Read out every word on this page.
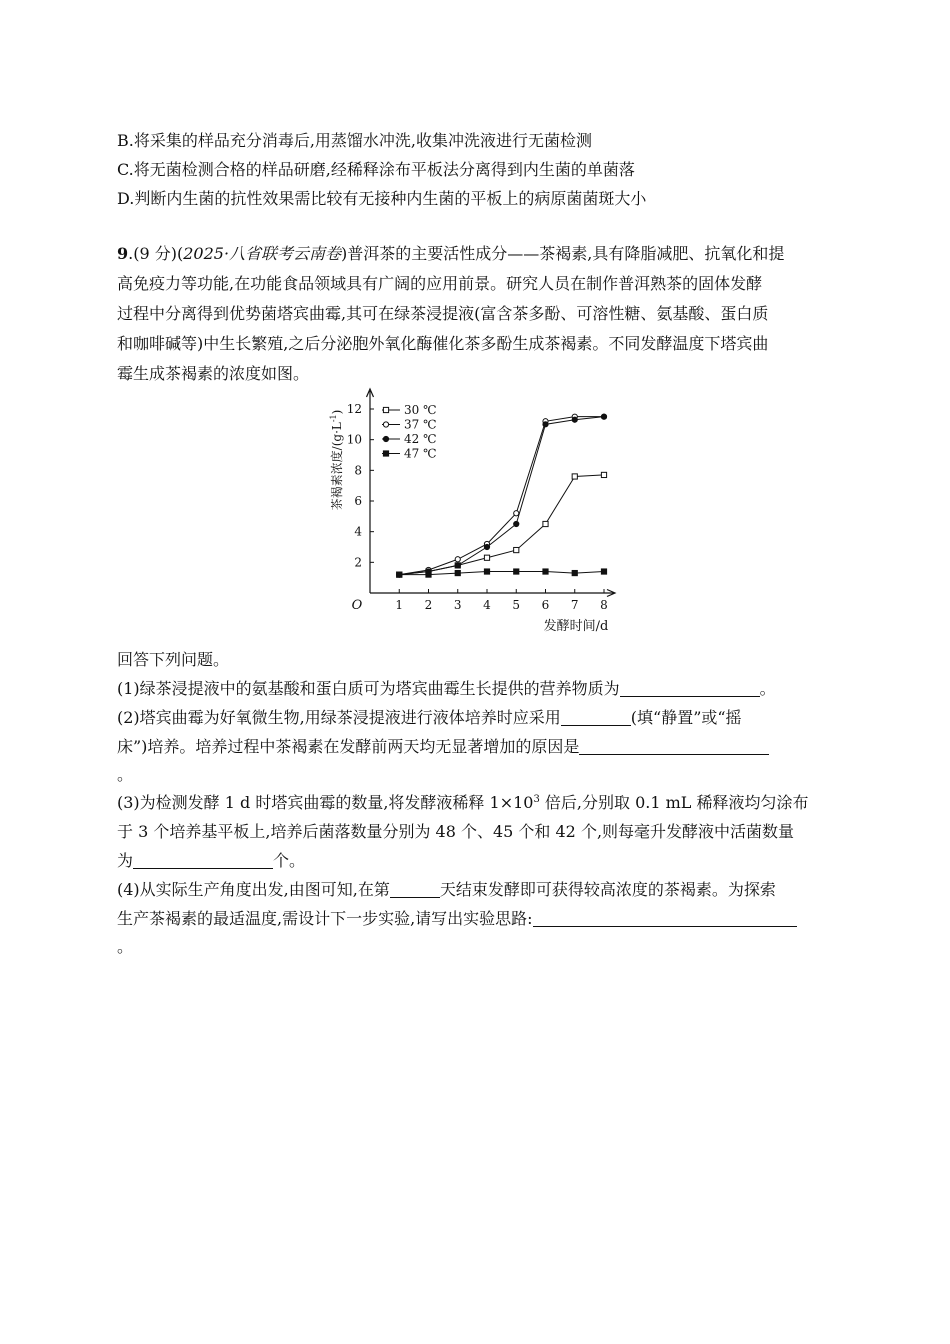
B.将采集的样品充分消毒后,用蒸馏水冲洗,收集冲洗液进行无菌检测
C.将无菌检测合格的样品研磨,经稀释涂布平板法分离得到内生菌的单菌落
D.判断内生菌的抗性效果需比较有无接种内生菌的平板上的病原菌菌斑大小
9.(9 分)(2025·八省联考云南卷)普洱茶的主要活性成分——茶褐素,具有降脂减肥、抗氧化和提
高免疫力等功能,在功能食品领域具有广阔的应用前景。研究人员在制作普洱熟茶的固体发酵
过程中分离得到优势菌塔宾曲霉,其可在绿茶浸提液(富含茶多酚、可溶性糖、氨基酸、蛋白质
和咖啡碱等)中生长繁殖,之后分泌胞外氧化酶催化茶多酚生成茶褐素。不同发酵温度下塔宾曲
霉生成茶褐素的浓度如图。
1 2 3 4 5 6 7 8
2
4
6
8
10
12	30 ℃
37 ℃
42 ℃
47 ℃
O
发酵时间/d
茶褐素浓度$/(g\cdot L^{-1})$
回答下列问题。
(1)绿茶浸提液中的氨基酸和蛋白质可为塔宾曲霉生长提供的营养物质为	。
(2)塔宾曲霉为好氧微生物,用绿茶浸提液进行液体培养时应采用	(填“静置”或“摇
床”)培养。培养过程中茶褐素在发酵前两天均无显著增加的原因是
。
(3)为检测发酵 1 d 时塔宾曲霉的数量,将发酵液稀释 $1\times 10^3$ 倍后,分别取 0.1 mL 稀释液均匀涂布
于 3 个培养基平板上,培养后菌落数量分别为 48 个、45 个和 42 个,则每毫升发酵液中活菌数量
为	个。
(4)从实际生产角度出发,由图可知,在第	天结束发酵即可获得较高浓度的茶褐素。为探索
生产茶褐素的最适温度,需设计下一步实验,请写出实验思路:
。
